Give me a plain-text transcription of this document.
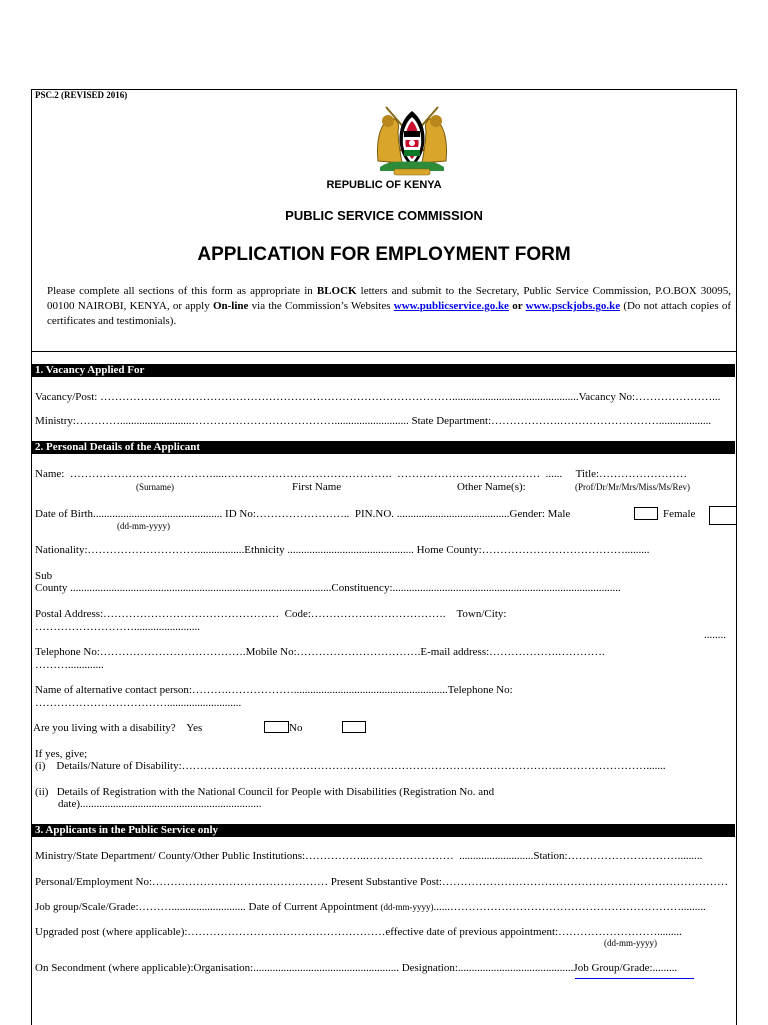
PSC.2 (REVISED 2016)
REPUBLIC OF KENYA
PUBLIC SERVICE COMMISSION
APPLICATION FOR EMPLOYMENT FORM
Please complete all sections of this form as appropriate in BLOCK letters and submit to the Secretary, Public Service Commission, P.O.BOX 30095, 00100 NAIROBI, KENYA, or apply On-line via the Commission’s Websites www.publicservice.go.ke or www.psckjobs.go.ke (Do not attach copies of certificates and testimonials).
1. Vacancy Applied For
Vacancy/Post: ……………………………………………………………………………………..............................................Vacancy No:…………………...
Ministry:…………..........................…………………………………........................... State Department:……………….………………………...................
2. Personal Details of the Applicant
Name:  …………………………………....……………………………………….  …………………………………  ......     Title:……………………
(Surname)	First Name	Other Name(s):	(Prof/Dr/Mr/Mrs/Miss/Ms/Rev)
Date of Birth............................................... ID No:……………………..  PIN.NO. .........................................Gender: Male	Female
(dd-mm-yyyy)
Nationality:………………………….................Ethnicity .............................................. Home County:………………………………….........
Sub
County ...............................................................................................Constituency:...................................................................................
Postal Address:…………………………………………  Code:……………………………….    Town/City:
………………………........................
........
Telephone No:………………………………….Mobile No:…………………………….E-mail address:……………….………….
……….............
Name of alternative contact person:……….………………........................................................Telephone No:
………………………………...........................
Are you living with a disability?    Yes	No
If yes, give;
(i)    Details/Nature of Disability:………………………………………………………………………………………….…………………….......
(ii)   Details of Registration with the National Council for People with Disabilities (Registration No. and
date)..................................................................
3. Applicants in the Public Service only
Ministry/State Department/ County/Other Public Institutions:……………..……………………  ...........................Station:………………………….........
Personal/Employment No:………………………………………… Present Substantive Post:……………………………………………………………………
Job group/Scale/Grade:………........................... Date of Current Appointment (dd-mm-yyyy)......……………………………………………………….........
Upgraded post (where applicable):………………………………………………effective date of previous appointment:……………………….........
(dd-mm-yyyy)
On Secondment (where applicable):Organisation:..................................................... Designation:..........................................Job Group/Grade:.........
